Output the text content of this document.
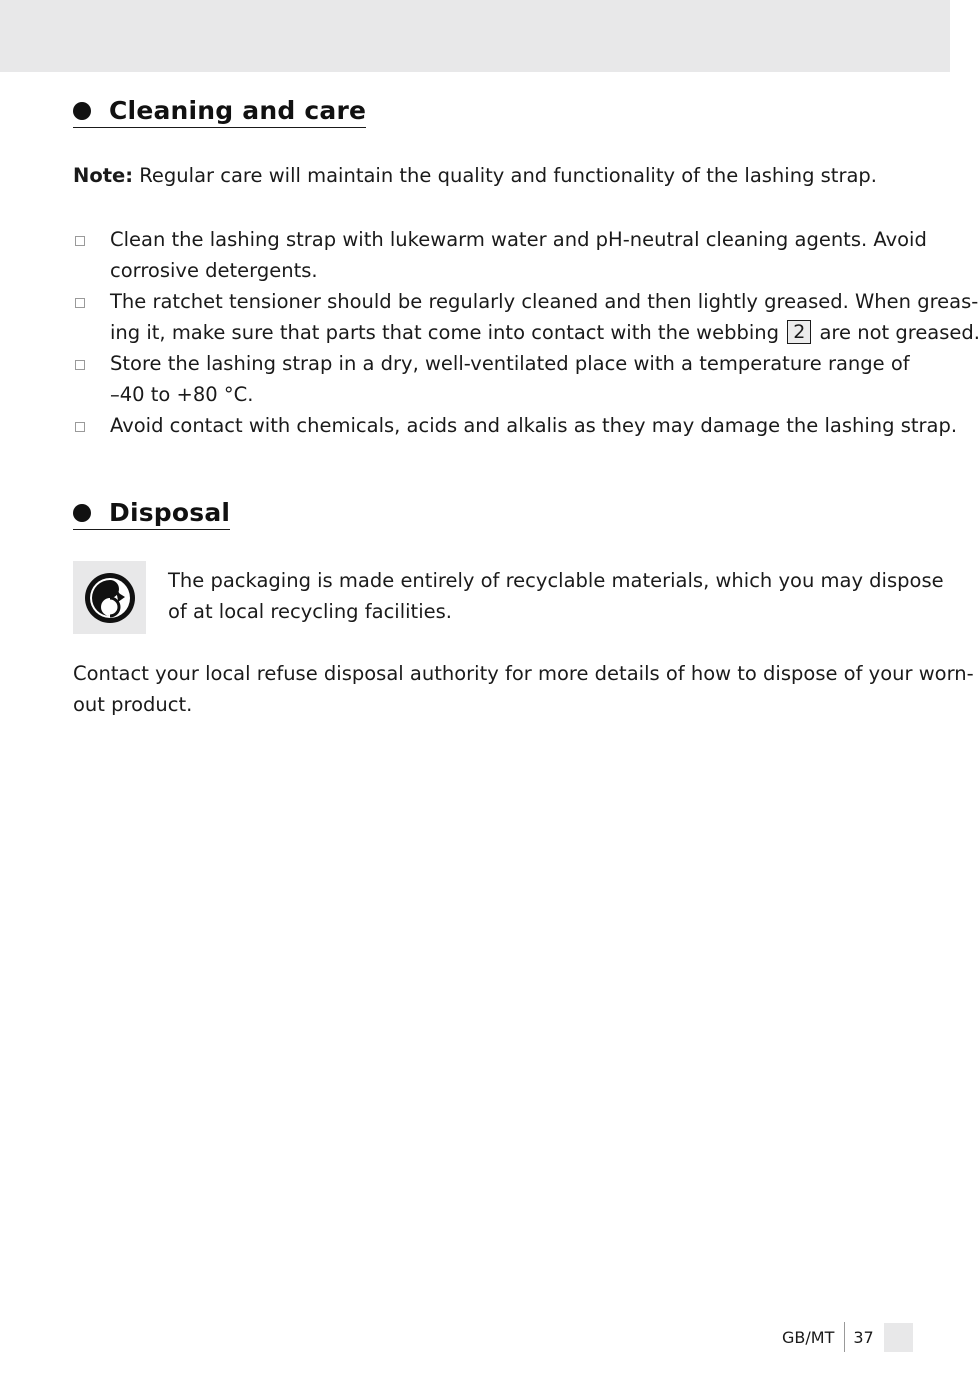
Cleaning and care
Note: Regular care will maintain the quality and functionality of the lashing strap.
Clean the lashing strap with lukewarm water and pH-neutral cleaning agents. Avoid
corrosive detergents.
The ratchet tensioner should be regularly cleaned and then lightly greased. When greas-
ing it, make sure that parts that come into contact with the webbing 2 are not greased.
Store the lashing strap in a dry, well-ventilated place with a temperature range of
–40 to +80 °C.
Avoid contact with chemicals, acids and alkalis as they may damage the lashing strap.
Disposal
The packaging is made entirely of recyclable materials, which you may dispose
of at local recycling facilities.
Contact your local refuse disposal authority for more details of how to dispose of your worn-
out product.
GB/MT	37
